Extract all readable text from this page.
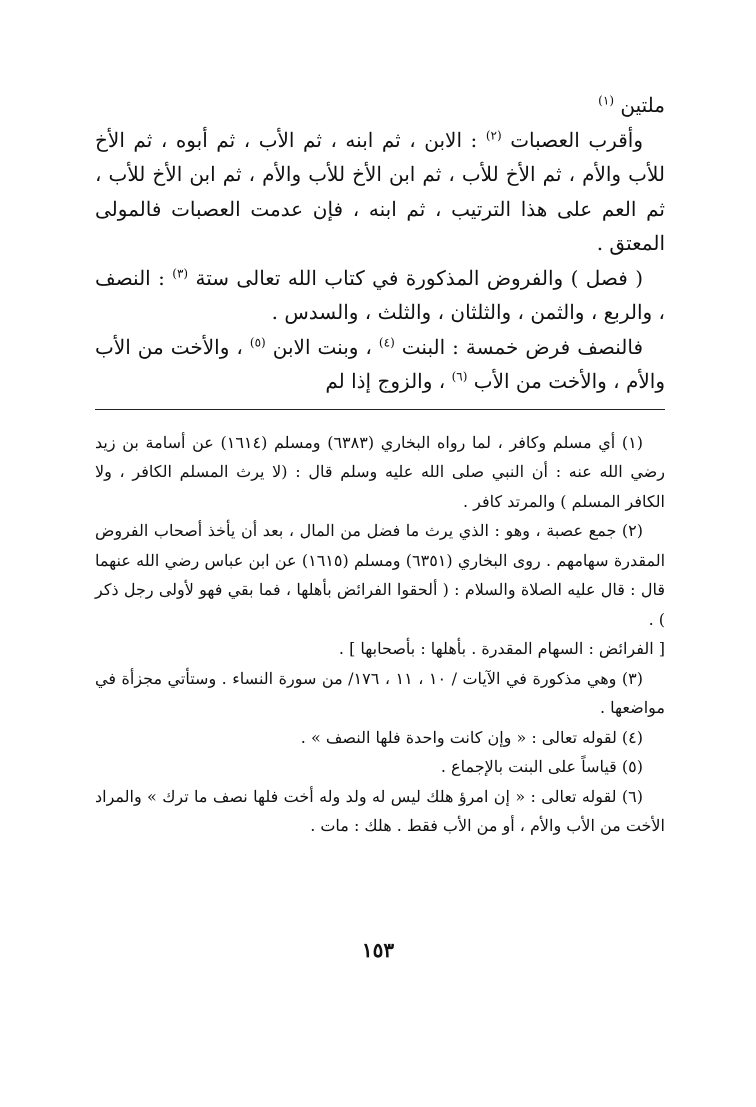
ملتين $^{(١)}$

وأقرب العصبات $^{(٢)}$ : الابن ، ثم ابنه ، ثم الأب ، ثم أبوه ، ثم الأخ للأب والأم ، ثم الأخ للأب ، ثم ابن الأخ للأب والأم ، ثم ابن الأخ للأب ، ثم العم على هذا الترتيب ، ثم ابنه ، فإن عدمت العصبات فالمولى المعتق .

( فصل ) والفروض المذكورة في كتاب الله تعالى ستة $^{(٣)}$ : النصف ، والربع ، والثمن ، والثلثان ، والثلث ، والسدس .

فالنصف فرض خمسة : البنت $^{(٤)}$ ، وبنت الابن $^{(٥)}$ ، والأخت من الأب والأم ، والأخت من الأب $^{(٦)}$ ، والزوج إذا لم

(١) أي مسلم وكافر ، لما رواه البخاري (٦٣٨٣) ومسلم (١٦١٤) عن أسامة بن زيد رضي الله عنه : أن النبي صلى الله عليه وسلم قال : (لا يرث المسلم الكافر ، ولا الكافر المسلم ) والمرتد كافر .

(٢) جمع عصبة ، وهو : الذي يرث ما فضل من المال ، بعد أن يأخذ أصحاب الفروض المقدرة سهامهم . روى البخاري (٦٣٥١) ومسلم (١٦١٥) عن ابن عباس رضي الله عنهما قال : قال عليه الصلاة والسلام : ( ألحقوا الفرائض بأهلها ، فما بقي فهو لأولى رجل ذكر ) .

[ الفرائض : السهام المقدرة . بأهلها : بأصحابها ] .

(٣) وهي مذكورة في الآيات / ١٠ ، ١١ ، ١٧٦/ من سورة النساء . وستأتي مجزأة في مواضعها .

(٤) لقوله تعالى : « وإن كانت واحدة فلها النصف » .

(٥) قياساً على البنت بالإجماع .

(٦) لقوله تعالى : « إن امرؤ هلك ليس له ولد وله أخت فلها نصف ما ترك » والمراد الأخت من الأب والأم ، أو من الأب فقط . هلك : مات .

١٥٣
